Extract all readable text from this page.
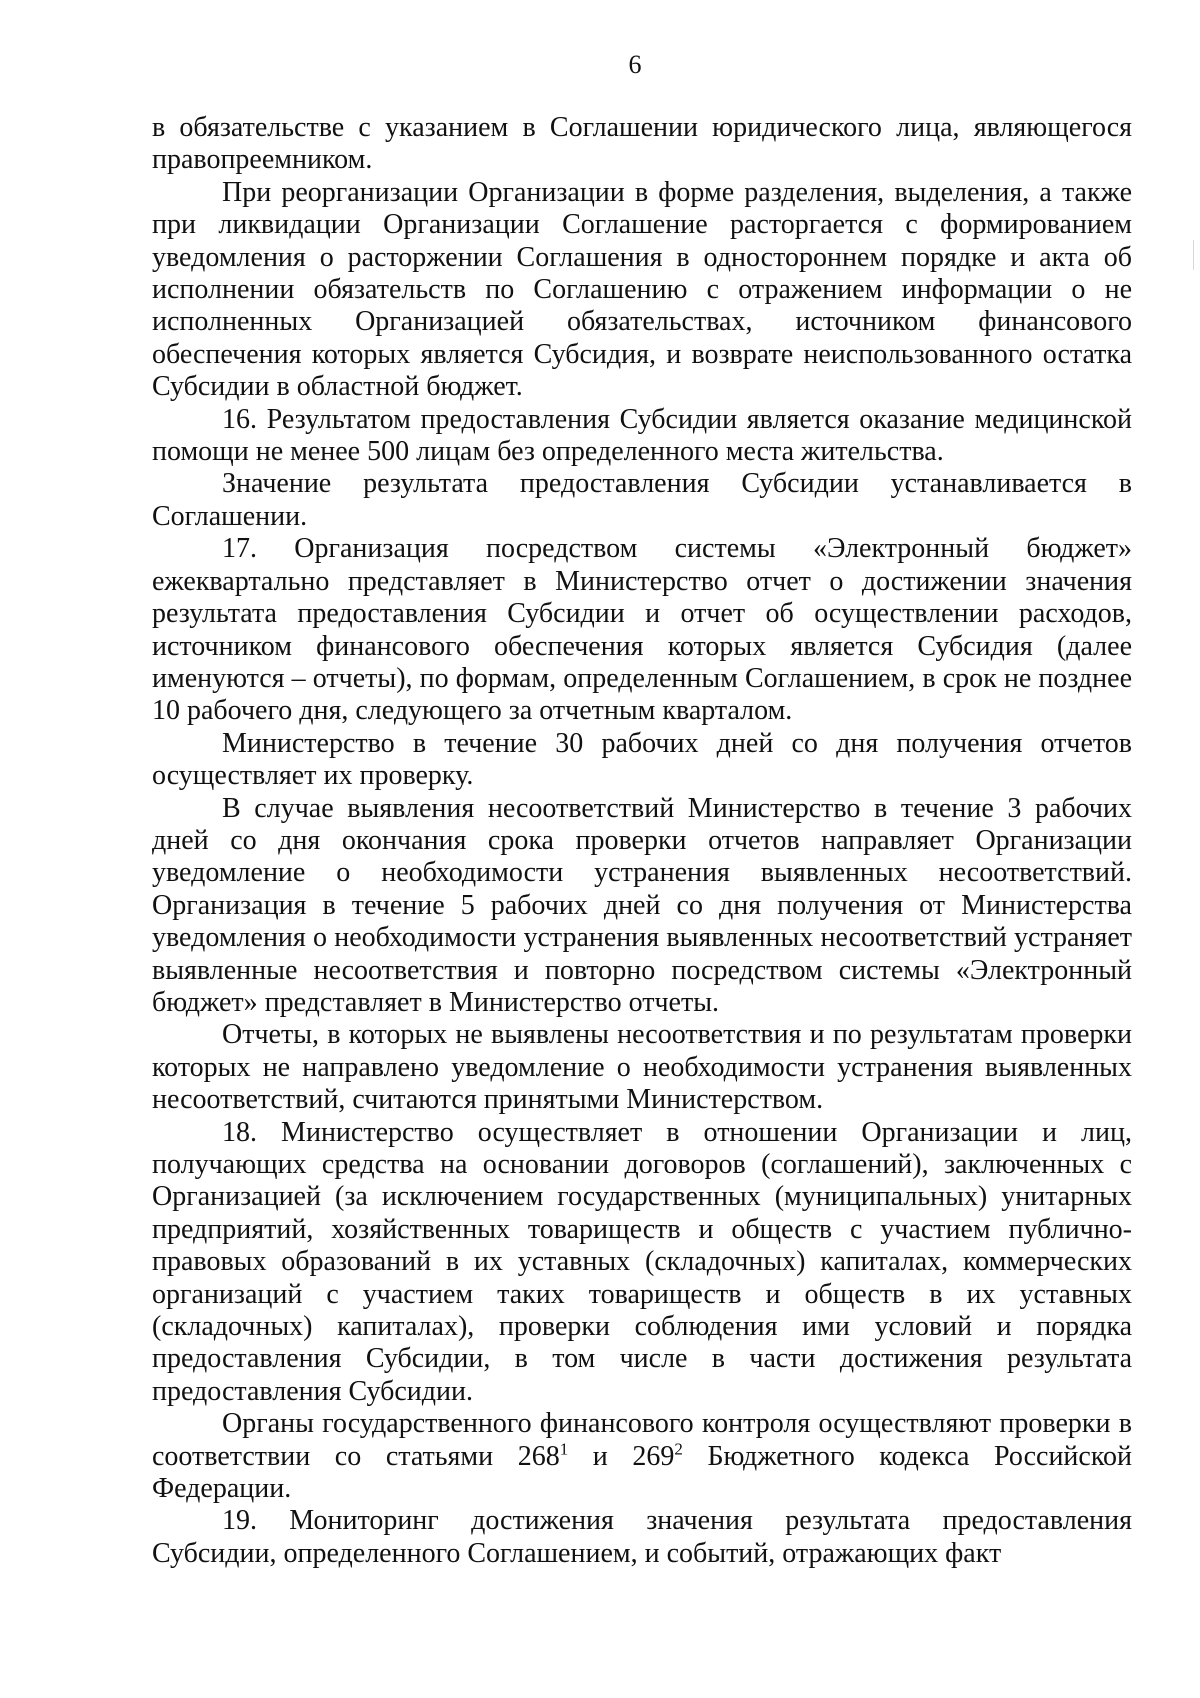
6

в обязательстве с указанием в Соглашении юридического лица, являющегося правопреемником.

При реорганизации Организации в форме разделения, выделения, а также при ликвидации Организации Соглашение расторгается с формированием уведомления о расторжении Соглашения в одностороннем порядке и акта об исполнении обязательств по Соглашению с отражением информации о не исполненных Организацией обязательствах, источником финансового обеспечения которых является Субсидия, и возврате неиспользованного остатка Субсидии в областной бюджет.

16. Результатом предоставления Субсидии является оказание медицинской помощи не менее 500 лицам без определенного места жительства.

Значение результата предоставления Субсидии устанавливается в Соглашении.

17. Организация посредством системы «Электронный бюджет» ежеквартально представляет в Министерство отчет о достижении значения результата предоставления Субсидии и отчет об осуществлении расходов, источником финансового обеспечения которых является Субсидия (далее именуются – отчеты), по формам, определенным Соглашением, в срок не позднее 10 рабочего дня, следующего за отчетным кварталом.

Министерство в течение 30 рабочих дней со дня получения отчетов осуществляет их проверку.

В случае выявления несоответствий Министерство в течение 3 рабочих дней со дня окончания срока проверки отчетов направляет Организации уведомление о необходимости устранения выявленных несоответствий. Организация в течение 5 рабочих дней со дня получения от Министерства уведомления о необходимости устранения выявленных несоответствий устраняет выявленные несоответствия и повторно посредством системы «Электронный бюджет» представляет в Министерство отчеты.

Отчеты, в которых не выявлены несоответствия и по результатам проверки которых не направлено уведомление о необходимости устранения выявленных несоответствий, считаются принятыми Министерством.

18. Министерство осуществляет в отношении Организации и лиц, получающих средства на основании договоров (соглашений), заключенных с Организацией (за исключением государственных (муниципальных) унитарных предприятий, хозяйственных товариществ и обществ с участием публично-правовых образований в их уставных (складочных) капиталах, коммерческих организаций с участием таких товариществ и обществ в их уставных (складочных) капиталах), проверки соблюдения ими условий и порядка предоставления Субсидии, в том числе в части достижения результата предоставления Субсидии.

Органы государственного финансового контроля осуществляют проверки в соответствии со статьями $268^1$ и $269^2$ Бюджетного кодекса Российской Федерации.

19. Мониторинг достижения значения результата предоставления Субсидии, определенного Соглашением, и событий, отражающих факт
